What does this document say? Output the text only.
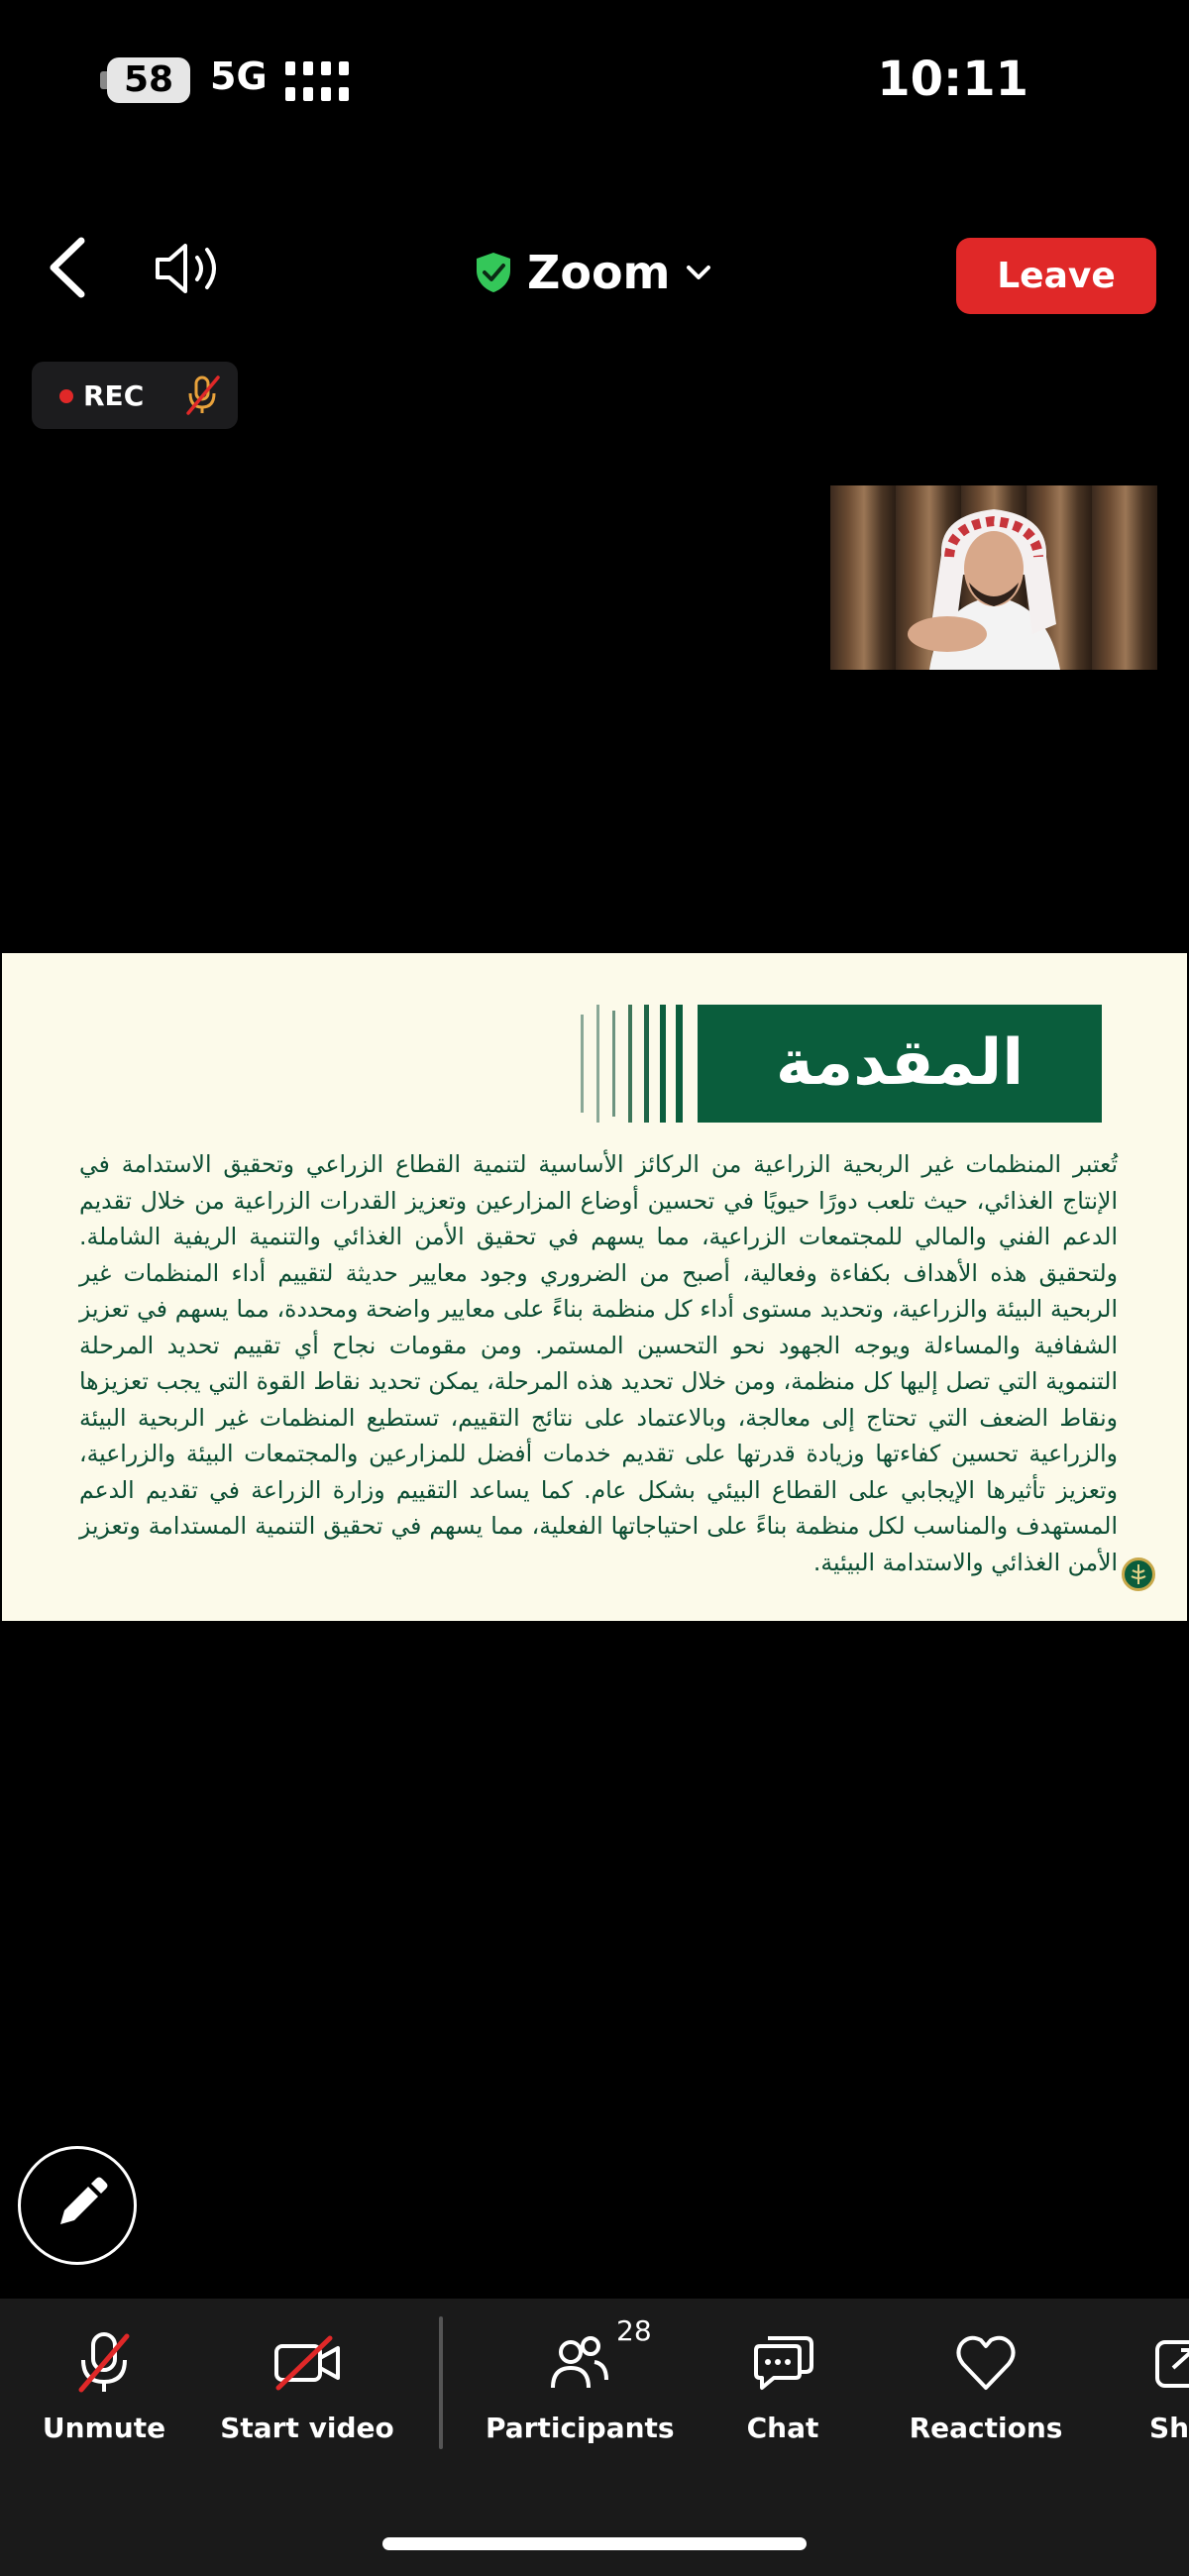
58 5G	10:11
Zoom	Leave
REC
المقدمة
تُعتبر المنظمات غير الربحية الزراعية من الركائز الأساسية لتنمية القطاع الزراعي وتحقيق الاستدامة في الإنتاج الغذائي، حيث تلعب دورًا حيويًا في تحسين أوضاع المزارعين وتعزيز القدرات الزراعية من خلال تقديم الدعم الفني والمالي للمجتمعات الزراعية، مما يسهم في تحقيق الأمن الغذائي والتنمية الريفية الشاملة. ولتحقيق هذه الأهداف بكفاءة وفعالية، أصبح من الضروري وجود معايير حديثة لتقييم أداء المنظمات غير الربحية البيئة والزراعية، وتحديد مستوى أداء كل منظمة بناءً على معايير واضحة ومحددة، مما يسهم في تعزيز الشفافية والمساءلة ويوجه الجهود نحو التحسين المستمر. ومن مقومات نجاح أي تقييم تحديد المرحلة التنموية التي تصل إليها كل منظمة، ومن خلال تحديد هذه المرحلة، يمكن تحديد نقاط القوة التي يجب تعزيزها ونقاط الضعف التي تحتاج إلى معالجة، وبالاعتماد على نتائج التقييم، تستطيع المنظمات غير الربحية البيئة والزراعية تحسين كفاءتها وزيادة قدرتها على تقديم خدمات أفضل للمزارعين والمجتمعات البيئة والزراعية، وتعزيز تأثيرها الإيجابي على القطاع البيئي بشكل عام. كما يساعد التقييم وزارة الزراعة في تقديم الدعم المستهدف والمناسب لكل منظمة بناءً على احتياجاتها الفعلية، مما يسهم في تحقيق التنمية المستدامة وتعزيز الأمن الغذائي والاستدامة البيئية.
Unmute	Start video	Participants
28
Chat	Reactions	Sh
